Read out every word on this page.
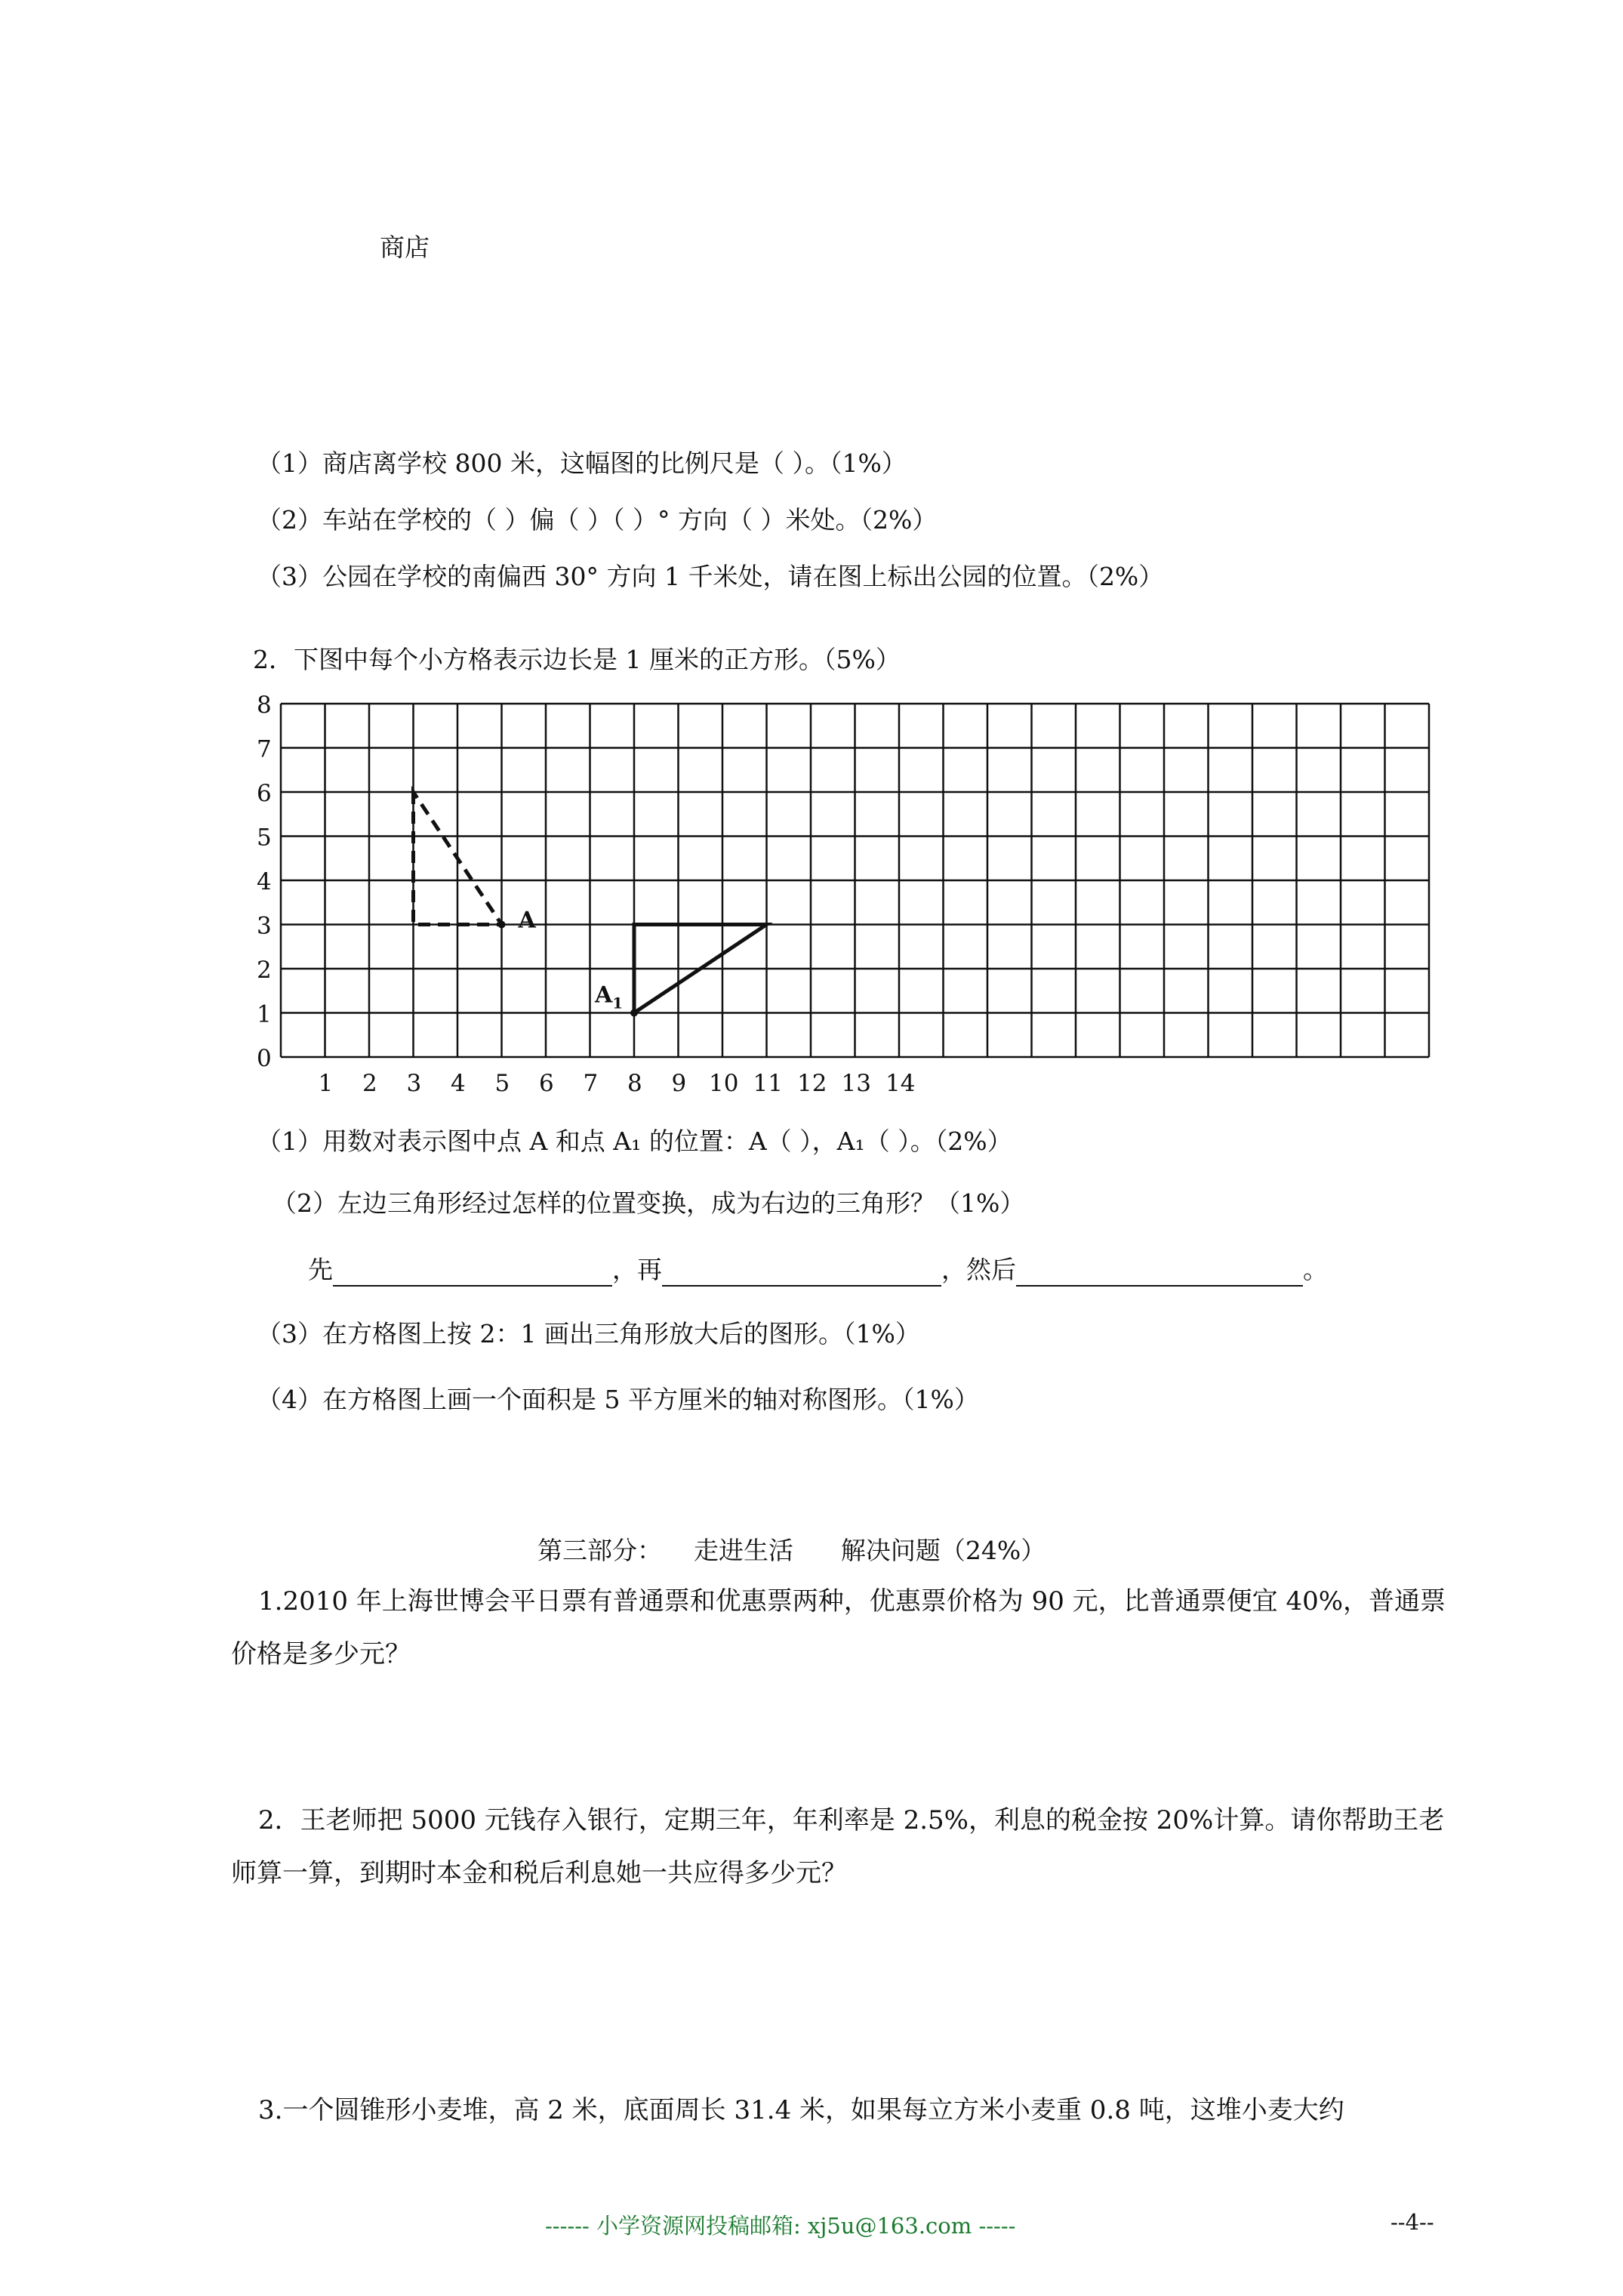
商店
（1）商店离学校 800 米，这幅图的比例尺是（ ）。（1%）
（2）车站在学校的（ ）偏（ ）（ ）° 方向（ ）米处。（2%）
（3）公园在学校的南偏西 30° 方向 1 千米处，请在图上标出公园的位置。（2%）
2．下图中每个小方格表示边长是 1 厘米的正方形。（5%）
0
1
2
3
4
5
6
7
8
1 2 3 4 5 6 7 8 9 10 11 12 13 14
A
$A_1$
（1）用数对表示图中点 A 和点 A₁ 的位置：A（ ），A₁（ ）。（2%）
（2）左边三角形经过怎样的位置变换，成为右边的三角形？（1%）
先	，再	，然后	。
（3）在方格图上按 2：1 画出三角形放大后的图形。（1%）
（4）在方格图上画一个面积是 5 平方厘米的轴对称图形。（1%）
第三部分：    走进生活      解决问题（24%）
1.2010 年上海世博会平日票有普通票和优惠票两种，优惠票价格为 90 元，比普通票便宜 40%，普通票价格是多少元？
2．王老师把 5000 元钱存入银行，定期三年，年利率是 2.5%，利息的税金按 20%计算。请你帮助王老师算一算，到期时本金和税后利息她一共应得多少元？
3.一个圆锥形小麦堆，高 2 米，底面周长 31.4 米，如果每立方米小麦重 0.8 吨，这堆小麦大约
------ 小学资源网投稿邮箱: xj5u@163.com -----	--4--
